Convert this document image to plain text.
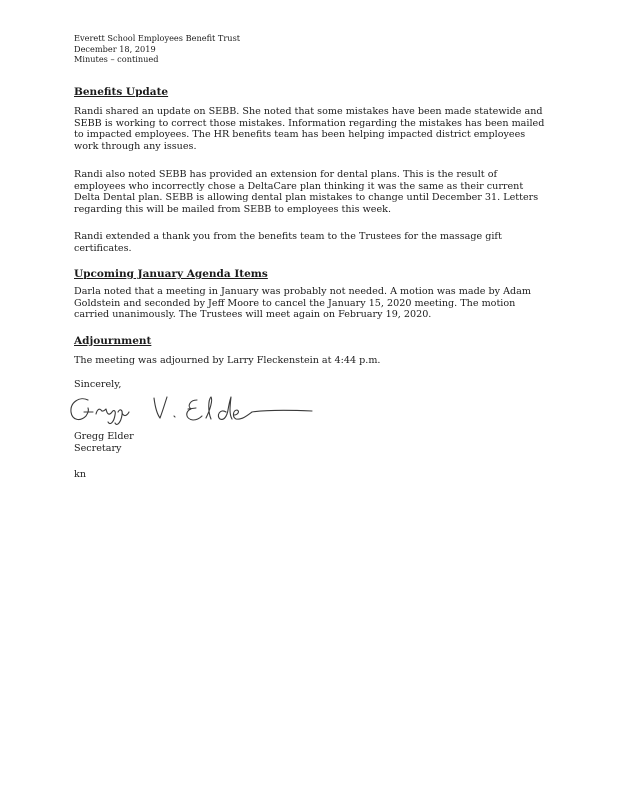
Everett School Employees Benefit Trust
December 18, 2019
Minutes – continued
Benefits Update
Randi shared an update on SEBB. She noted that some mistakes have been made statewide and
SEBB is working to correct those mistakes. Information regarding the mistakes has been mailed
to impacted employees. The HR benefits team has been helping impacted district employees
work through any issues.
Randi also noted SEBB has provided an extension for dental plans. This is the result of
employees who incorrectly chose a DeltaCare plan thinking it was the same as their current
Delta Dental plan. SEBB is allowing dental plan mistakes to change until December 31. Letters
regarding this will be mailed from SEBB to employees this week.
Randi extended a thank you from the benefits team to the Trustees for the massage gift
certificates.
Upcoming January Agenda Items
Darla noted that a meeting in January was probably not needed. A motion was made by Adam
Goldstein and seconded by Jeff Moore to cancel the January 15, 2020 meeting. The motion
carried unanimously. The Trustees will meet again on February 19, 2020.
Adjournment
The meeting was adjourned by Larry Fleckenstein at 4:44 p.m.
Sincerely,
Gregg Elder
Secretary
kn
